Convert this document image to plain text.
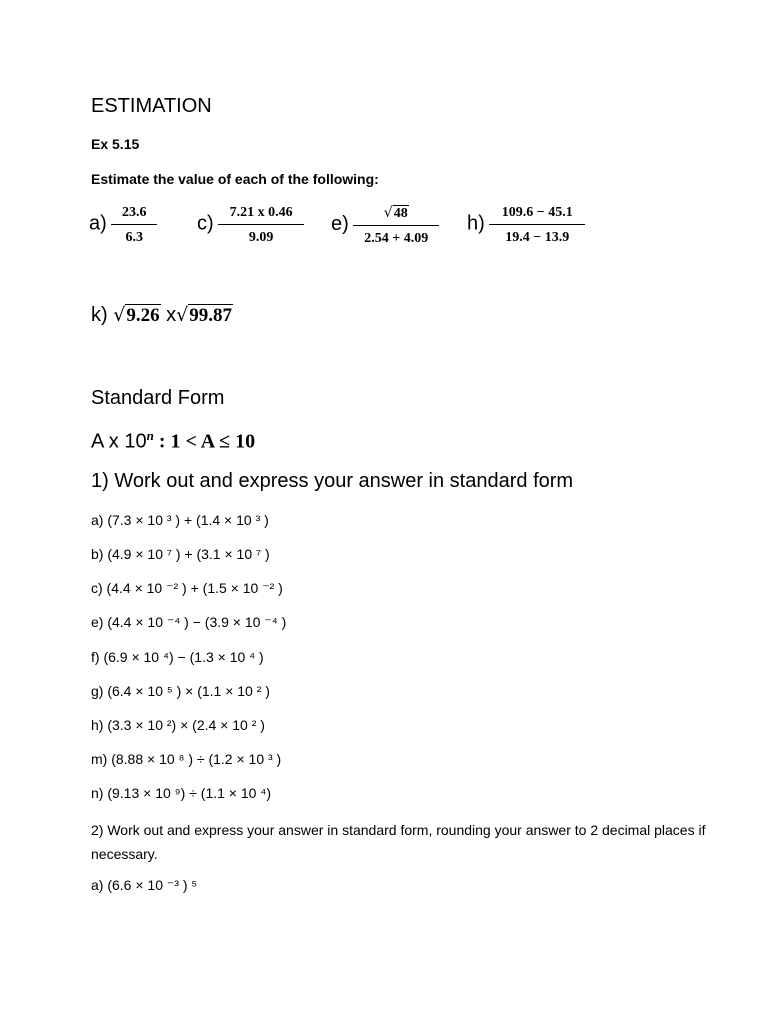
ESTIMATION
Ex 5.15
Estimate the value of each of the following:
$a) \frac{23.6}{6.3} c) \frac{7.21 x 0.46}{9.09} e) \frac{√48}{2.54 + 4.09} h) \frac{109.6 - 45.1}{19.4 - 13.9}$
k) √9.26 x√99.87
Standard Form
A x 10$^n$ : 1 < A ≤ 10
1) Work out and express your answer in standard form
a) (7.3 × 10 ³ ) + (1.4 × 10 ³ )
b) (4.9 × 10 ⁷ ) + (3.1 × 10 ⁷ )
c) (4.4 × 10 ⁻² ) + (1.5 × 10 ⁻² )
e) (4.4 × 10 ⁻⁴ ) − (3.9 × 10 ⁻⁴ )
f) (6.9 × 10 ⁴) − (1.3 × 10 ⁴ )
g) (6.4 × 10 ⁵ ) × (1.1 × 10 ² )
h) (3.3 × 10 ²) × (2.4 × 10 ² )
m) (8.88 × 10 ⁸ ) ÷ (1.2 × 10 ³ )
n) (9.13 × 10 ⁹) ÷ (1.1 × 10 ⁴)
2) Work out and express your answer in standard form, rounding your answer to 2 decimal places if necessary.
a) (6.6 × 10 ⁻³ ) ⁵
